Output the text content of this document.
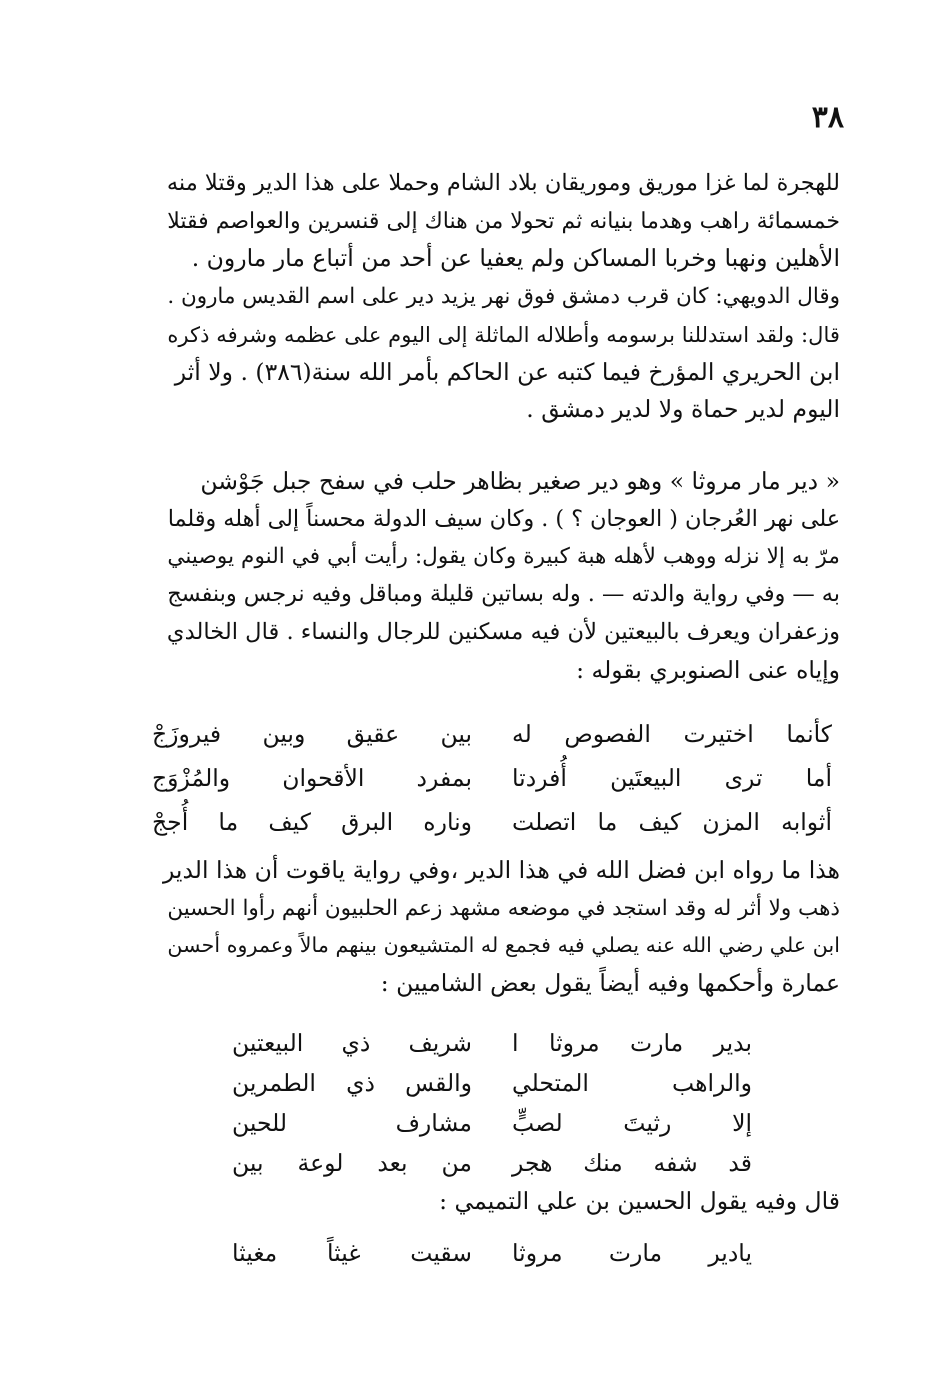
٣٨
للهجرة لما غزا موريق وموريقان بلاد الشام وحملا على هذا الدير وقتلا منه
خمسمائة راهب وهدما بنيانه ثم تحولا من هناك إلى قنسرين والعواصم فقتلا
الأهلين ونهبا وخربا المساكن ولم يعفيا عن أحد من أتباع مار مارون .
وقال الدويهي: كان قرب دمشق فوق نهر يزيد دير على اسم القديس مارون .
قال: ولقد استدللنا برسومه وأطلاله الماثلة إلى اليوم على عظمه وشرفه ذكره
ابن الحريري المؤرخ فيما كتبه عن الحاكم بأمر الله سنة(٣٨٦) . ولا أثر
اليوم لدير حماة ولا لدير دمشق .
« دير مار مروثا » وهو دير صغير بظاهر حلب في سفح جبل جَوْشن
على نهر العُرجان ( العوجان ؟ ) . وكان سيف الدولة محسناً إلى أهله وقلما
مرّ به إلا نزله ووهب لأهله هبة كبيرة وكان يقول: رأيت أبي في النوم يوصيني
به — وفي رواية والدته — . وله بساتين قليلة ومباقل وفيه نرجس وبنفسج
وزعفران ويعرف بالبيعتين لأن فيه مسكنين للرجال والنساء . قال الخالدي
وإياه عنى الصنوبري بقوله :
كأنما اختيرت الفصوص له
بين عقيق وبين فيروزَجْ
أما ترى البيعتَين أُفردتا
بمفرد الأقحوان والمُزْوَج
أثوابه المزن كيف ما اتصلت
وناره البرق كيف ما أُججْ
هذا ما رواه ابن فضل الله في هذا الدير ،وفي رواية ياقوت أن هذا الدير
ذهب ولا أثر له وقد استجد في موضعه مشهد زعم الحلبيون أنهم رأوا الحسين
ابن علي رضي الله عنه يصلي فيه فجمع له المتشيعون بينهم مالاً وعمروه أحسن
عمارة وأحكمها وفيه أيضاً يقول بعض الشاميين :
بدير مارت مروثا ا
شريف ذي البيعتين
والراهب المتحلي
والقس ذي الطمرين
إلا رثيتَ لصبٍّ
مشارف للحين
قد شفه منك هجر
من بعد لوعة بين
قال وفيه يقول الحسين بن علي التميمي :
يادير مارت مروثا
سقيت غيثاً مغيثا
